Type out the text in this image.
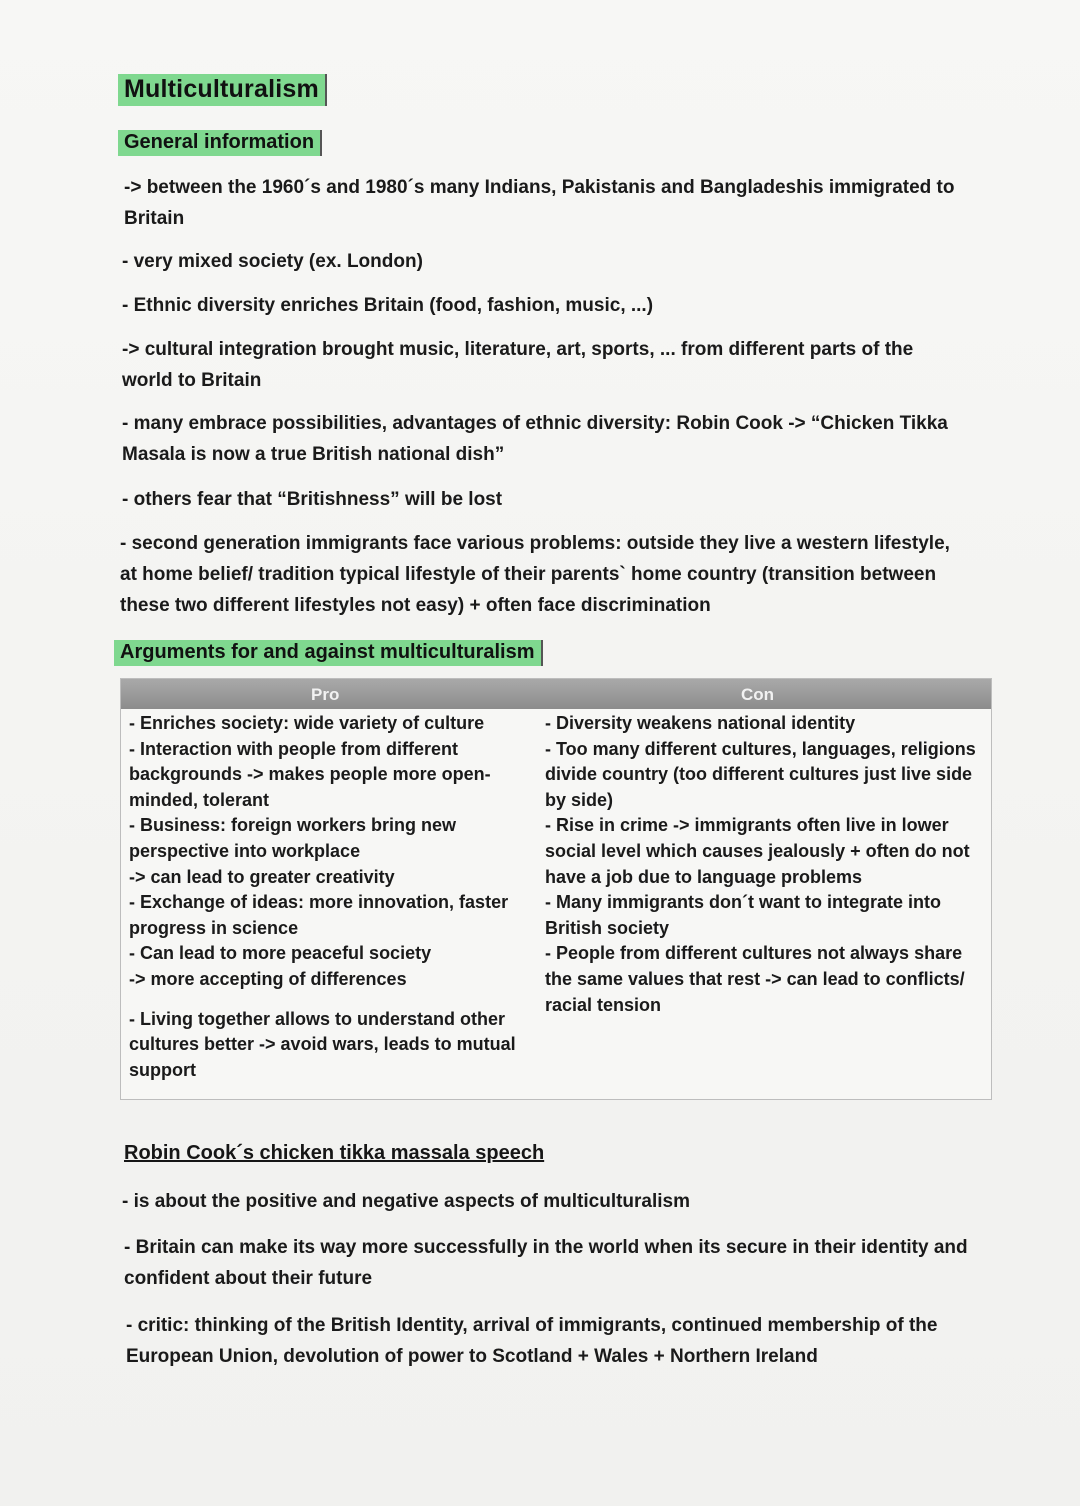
Multiculturalism
General information
-> between the 1960´s and 1980´s many Indians, Pakistanis and Bangladeshis immigrated to Britain
- very mixed society (ex. London)
- Ethnic diversity enriches Britain (food, fashion, music, ...)
-> cultural integration brought music, literature, art, sports, ... from different parts of the world to Britain
- many embrace possibilities, advantages of ethnic diversity: Robin Cook -> “Chicken Tikka Masala is now a true British national dish”
- others fear that “Britishness” will be lost
- second generation immigrants face various problems: outside they live a western lifestyle, at home belief/ tradition typical lifestyle of their parents` home country (transition between these two different lifestyles not easy) + often face discrimination
Arguments for and against multiculturalism
Pro	Con
- Enriches society: wide variety of culture
- Interaction with people from different backgrounds -> makes people more open-minded, tolerant
- Business: foreign workers bring new perspective into workplace
-> can lead to greater creativity
- Exchange of ideas: more innovation, faster progress in science
- Can lead to more peaceful society
-> more accepting of differences
- Living together allows to understand other cultures better -> avoid wars, leads to mutual support
- Diversity weakens national identity
- Too many different cultures, languages, religions divide country (too different cultures just live side by side)
- Rise in crime -> immigrants often live in lower social level which causes jealously + often do not have a job due to language problems
- Many immigrants don´t want to integrate into British society
- People from different cultures not always share the same values that rest -> can lead to conflicts/ racial tension
Robin Cook´s chicken tikka massala speech
- is about the positive and negative aspects of multiculturalism
- Britain can make its way more successfully in the world when its secure in their identity and confident about their future
- critic: thinking of the British Identity, arrival of immigrants, continued membership of the European Union, devolution of power to Scotland + Wales + Northern Ireland
